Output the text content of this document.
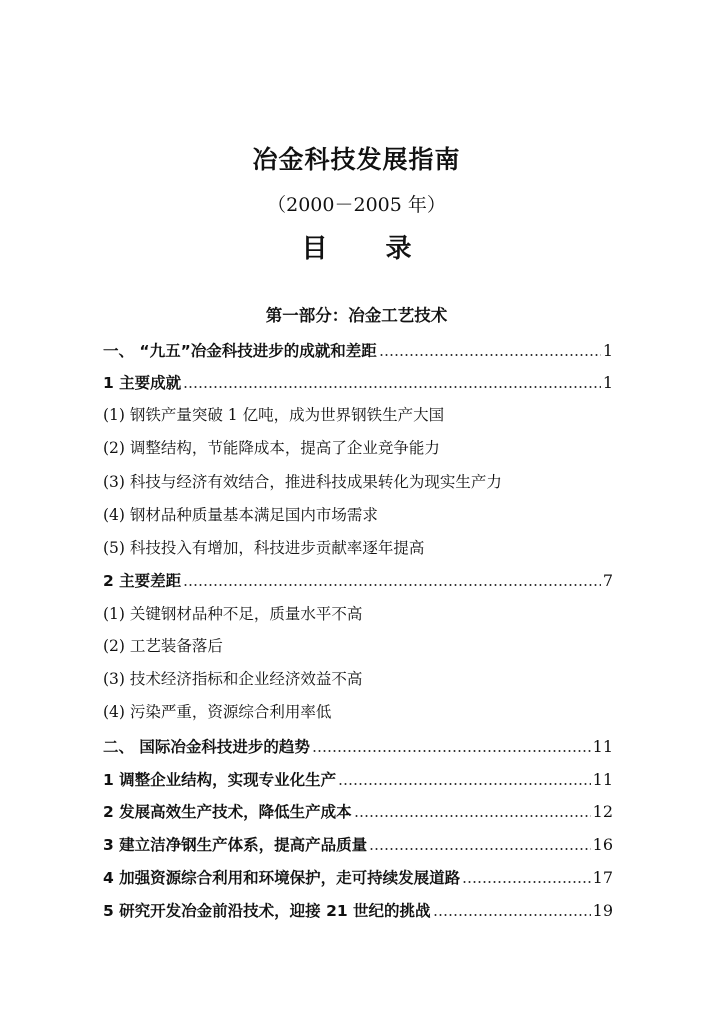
冶金科技发展指南
（2000－2005 年）
目 录
第一部分：冶金工艺技术
一、 “九五”冶金科技进步的成就和差距	1
1 主要成就	1
(1) 钢铁产量突破 1 亿吨，成为世界钢铁生产大国
(2) 调整结构，节能降成本，提高了企业竞争能力
(3) 科技与经济有效结合，推进科技成果转化为现实生产力
(4) 钢材品种质量基本满足国内市场需求
(5) 科技投入有增加，科技进步贡献率逐年提高
2 主要差距	7
(1) 关键钢材品种不足，质量水平不高
(2) 工艺装备落后
(3) 技术经济指标和企业经济效益不高
(4) 污染严重，资源综合利用率低
二、 国际冶金科技进步的趋势	11
1 调整企业结构，实现专业化生产	11
2 发展高效生产技术，降低生产成本	12
3 建立洁净钢生产体系，提高产品质量	16
4 加强资源综合利用和环境保护，走可持续发展道路	17
5 研究开发冶金前沿技术，迎接 21 世纪的挑战	19
